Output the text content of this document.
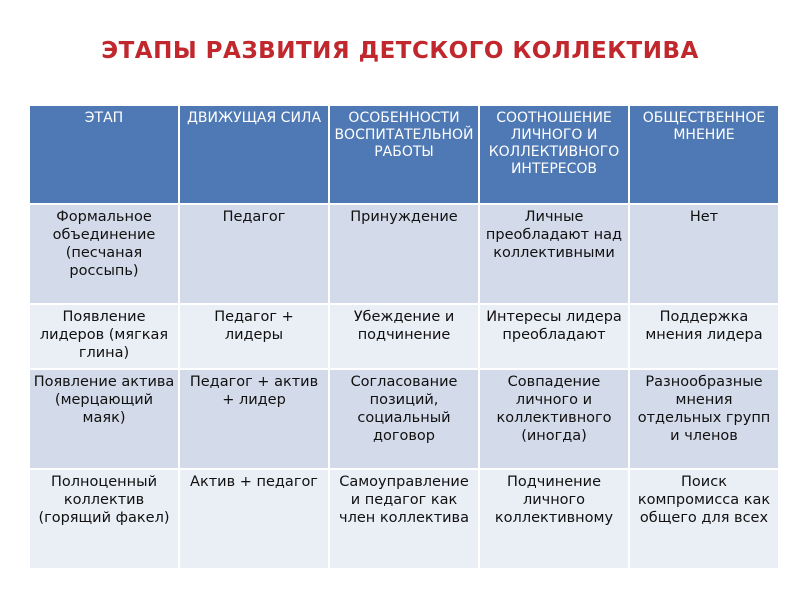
ЭТАПЫ РАЗВИТИЯ ДЕТСКОГО КОЛЛЕКТИВА
ЭТАП	ДВИЖУЩАЯ СИЛА	ОСОБЕННОСТИ ВОСПИТАТЕЛЬНОЙ РАБОТЫ	СООТНОШЕНИЕ ЛИЧНОГО И КОЛЛЕКТИВНОГО ИНТЕРЕСОВ	ОБЩЕСТВЕННОЕ МНЕНИЕ
Формальное объединение (песчаная россыпь)	Педагог	Принуждение	Личные преобладают над коллективными	Нет
Появление лидеров (мягкая глина)	Педагог + лидеры	Убеждение и подчинение	Интересы лидера преобладают	Поддержка мнения лидера
Появление актива (мерцающий маяк)	Педагог + актив + лидер	Согласование позиций, социальный договор	Совпадение личного и коллективного (иногда)	Разнообразные мнения отдельных групп и членов
Полноценный коллектив (горящий факел)	Актив + педагог	Самоуправление и педагог как член коллектива	Подчинение личного коллективному	Поиск компромисса как общего для всех
